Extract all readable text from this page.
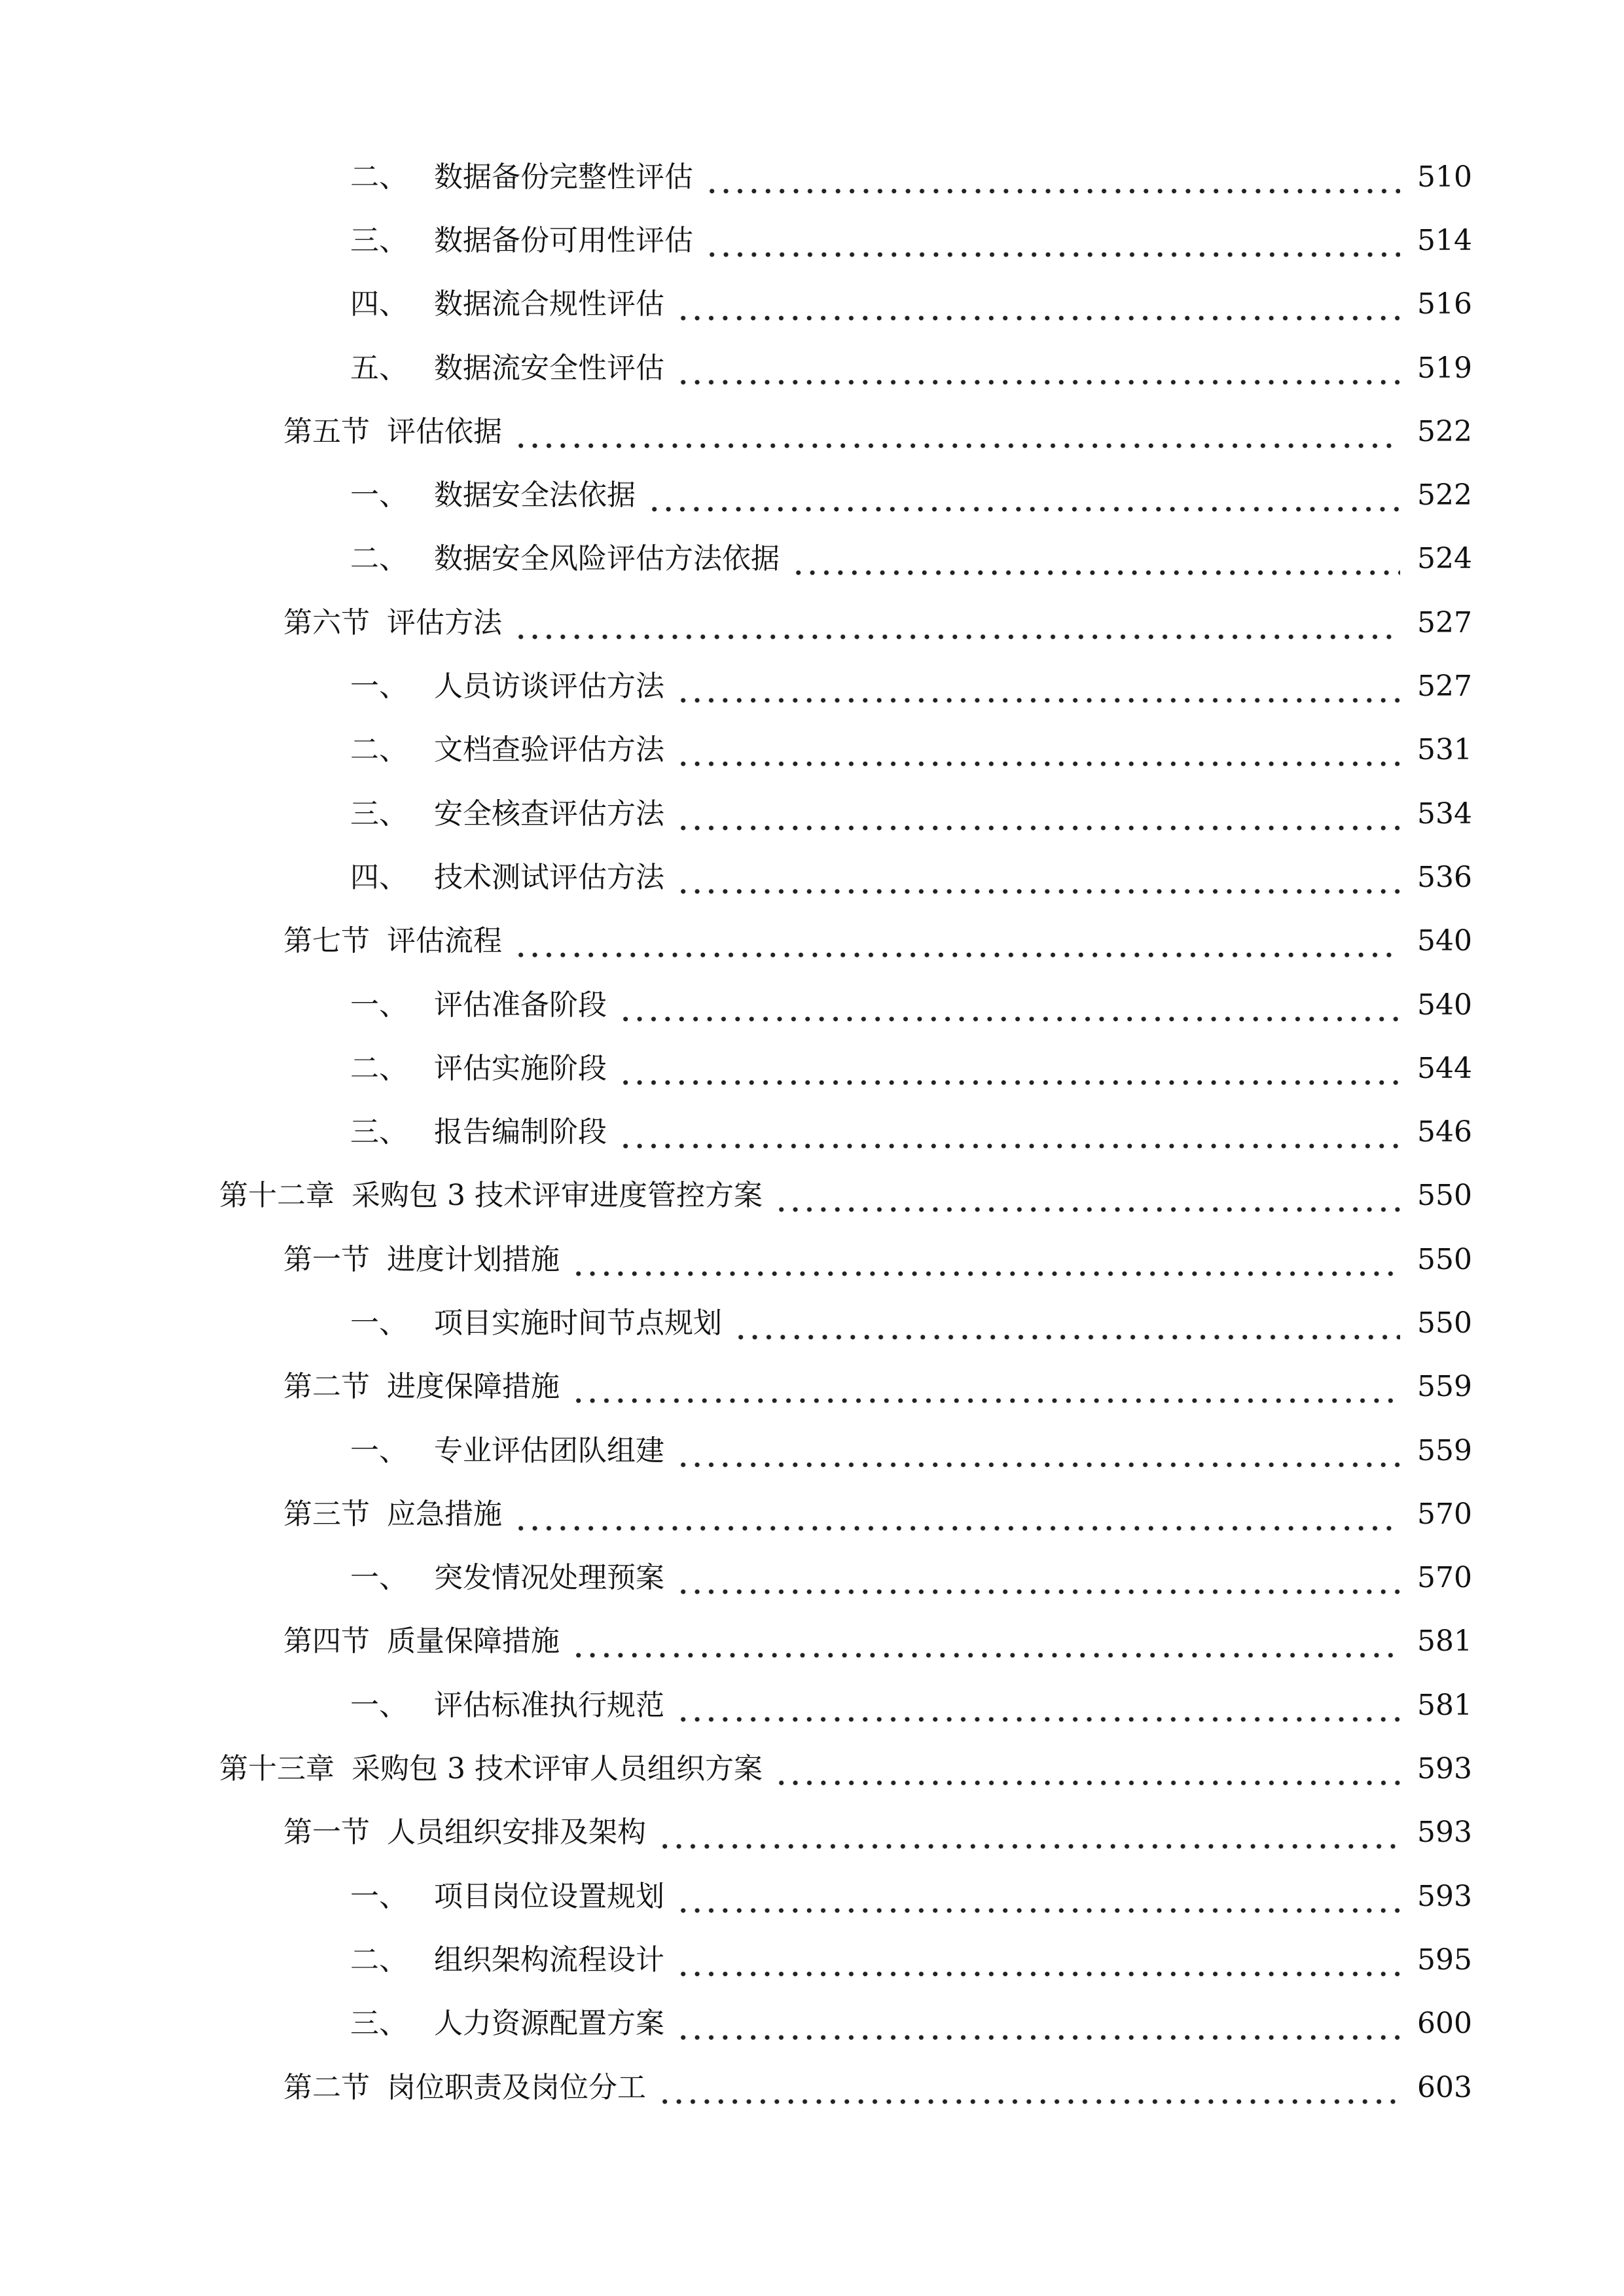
二、 数据备份完整性评估	510
三、 数据备份可用性评估	514
四、 数据流合规性评估	516
五、 数据流安全性评估	519
第五节 评估依据	522
一、 数据安全法依据	522
二、 数据安全风险评估方法依据	524
第六节 评估方法	527
一、 人员访谈评估方法	527
二、 文档查验评估方法	531
三、 安全核查评估方法	534
四、 技术测试评估方法	536
第七节 评估流程	540
一、 评估准备阶段	540
二、 评估实施阶段	544
三、 报告编制阶段	546
第十二章 采购包 3 技术评审进度管控方案	550
第一节 进度计划措施	550
一、 项目实施时间节点规划	550
第二节 进度保障措施	559
一、 专业评估团队组建	559
第三节 应急措施	570
一、 突发情况处理预案	570
第四节 质量保障措施	581
一、 评估标准执行规范	581
第十三章 采购包 3 技术评审人员组织方案	593
第一节 人员组织安排及架构	593
一、 项目岗位设置规划	593
二、 组织架构流程设计	595
三、 人力资源配置方案	600
第二节 岗位职责及岗位分工	603
